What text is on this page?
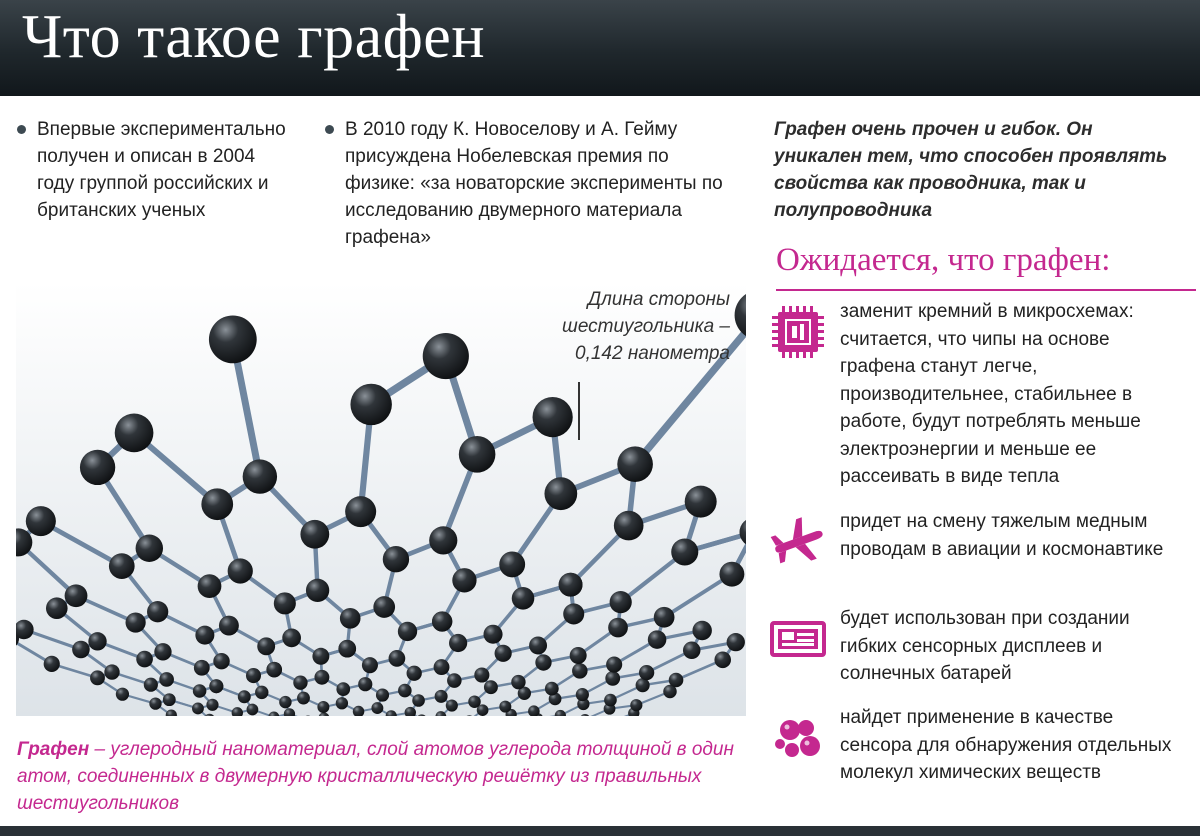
Что такое графен
Впервые экспериментально получен и описан в 2004 году группой российских и британских ученых
В 2010 году К. Новоселову и А. Гейму присуждена Нобелевская премия по физике: «за новаторские эксперименты по исследованию двумерного материала графена»
Графен очень прочен и гибок. Он уникален тем, что способен проявлять свойства как проводника, так и полупроводника
Ожидается, что графен:
заменит кремний в микросхемах: считается, что чипы на основе графена станут легче, производительнее, стабильнее в работе, будут потреблять меньше электроэнергии и меньше ее рассеивать в виде тепла
придет на смену тяжелым медным проводам в авиации и космонавтике
будет использован при создании гибких сенсорных дисплеев и солнечных батарей
найдет применение в качестве сенсора для обнаружения отдельных молекул химических веществ
Длина стороны шестиугольника – 0,142 нанометра
Графен – углеродный наноматериал, слой атомов углерода толщиной в один атом, соединенных в двумерную кристаллическую решётку из правильных шестиугольников
